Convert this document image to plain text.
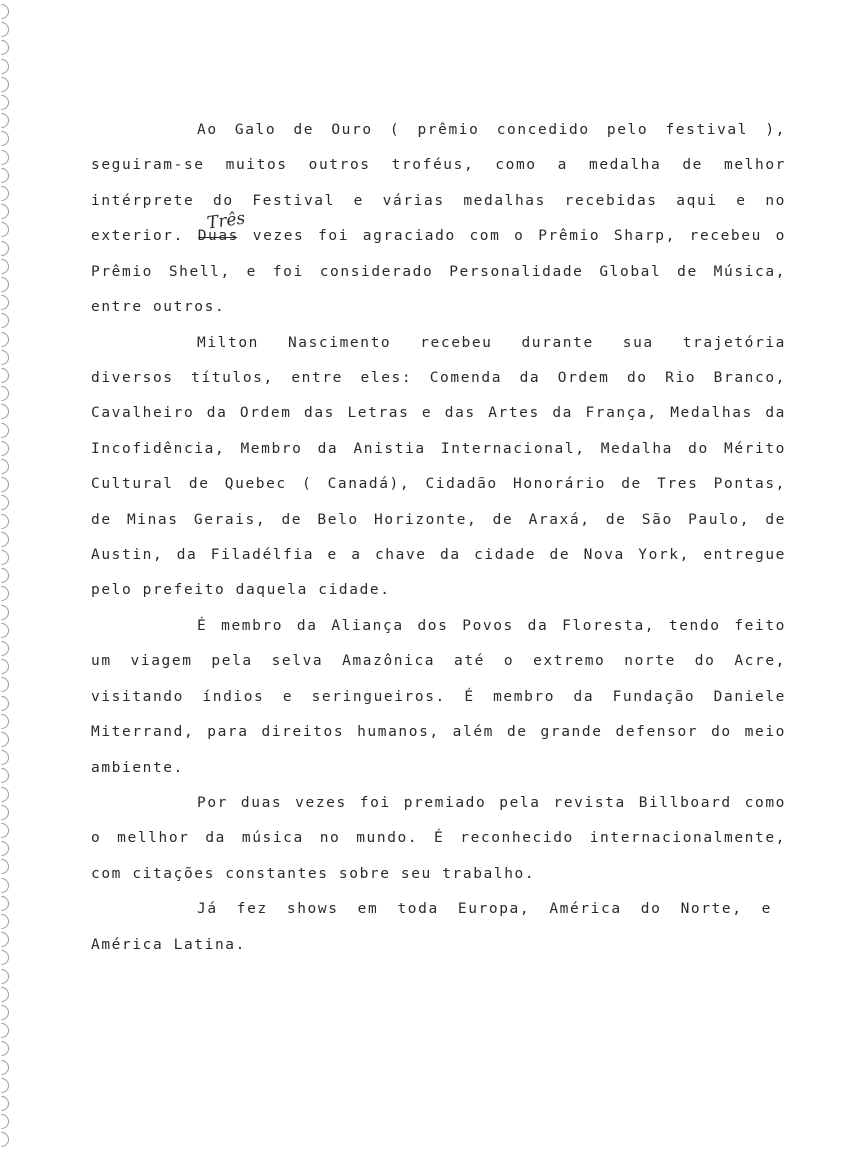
Ao Galo de Ouro ( prêmio concedido pelo festival ),
seguiram-se muitos outros troféus, como a medalha de melhor
intérprete do Festival e várias medalhas recebidas aqui e no
exterior. Duas vezes foi agraciado com o Prêmio Sharp, recebeu o
Três
Prêmio Shell, e foi considerado Personalidade Global de Música,
entre outros.
Milton Nascimento recebeu durante sua trajetória
diversos títulos, entre eles: Comenda da Ordem do Rio Branco,
Cavalheiro da Ordem das Letras e das Artes da França, Medalhas da
Incofidência, Membro da Anistia Internacional, Medalha do Mérito
Cultural de Quebec ( Canadá), Cidadão Honorário de Tres Pontas,
de Minas Gerais, de Belo Horizonte, de Araxá, de São Paulo, de
Austin, da Filadélfia e a chave da cidade de Nova York, entregue
pelo prefeito daquela cidade.
É membro da Aliança dos Povos da Floresta, tendo feito
um viagem pela selva Amazônica até o extremo norte do Acre,
visitando índios e seringueiros. É membro da Fundação Daniele
Miterrand, para direitos humanos, além de grande defensor do meio
ambiente.
Por duas vezes foi premiado pela revista Billboard como
o mellhor da música no mundo. É reconhecido internacionalmente,
com citações constantes sobre seu trabalho.
Já fez shows em toda Europa, América do Norte, e
América Latina.
